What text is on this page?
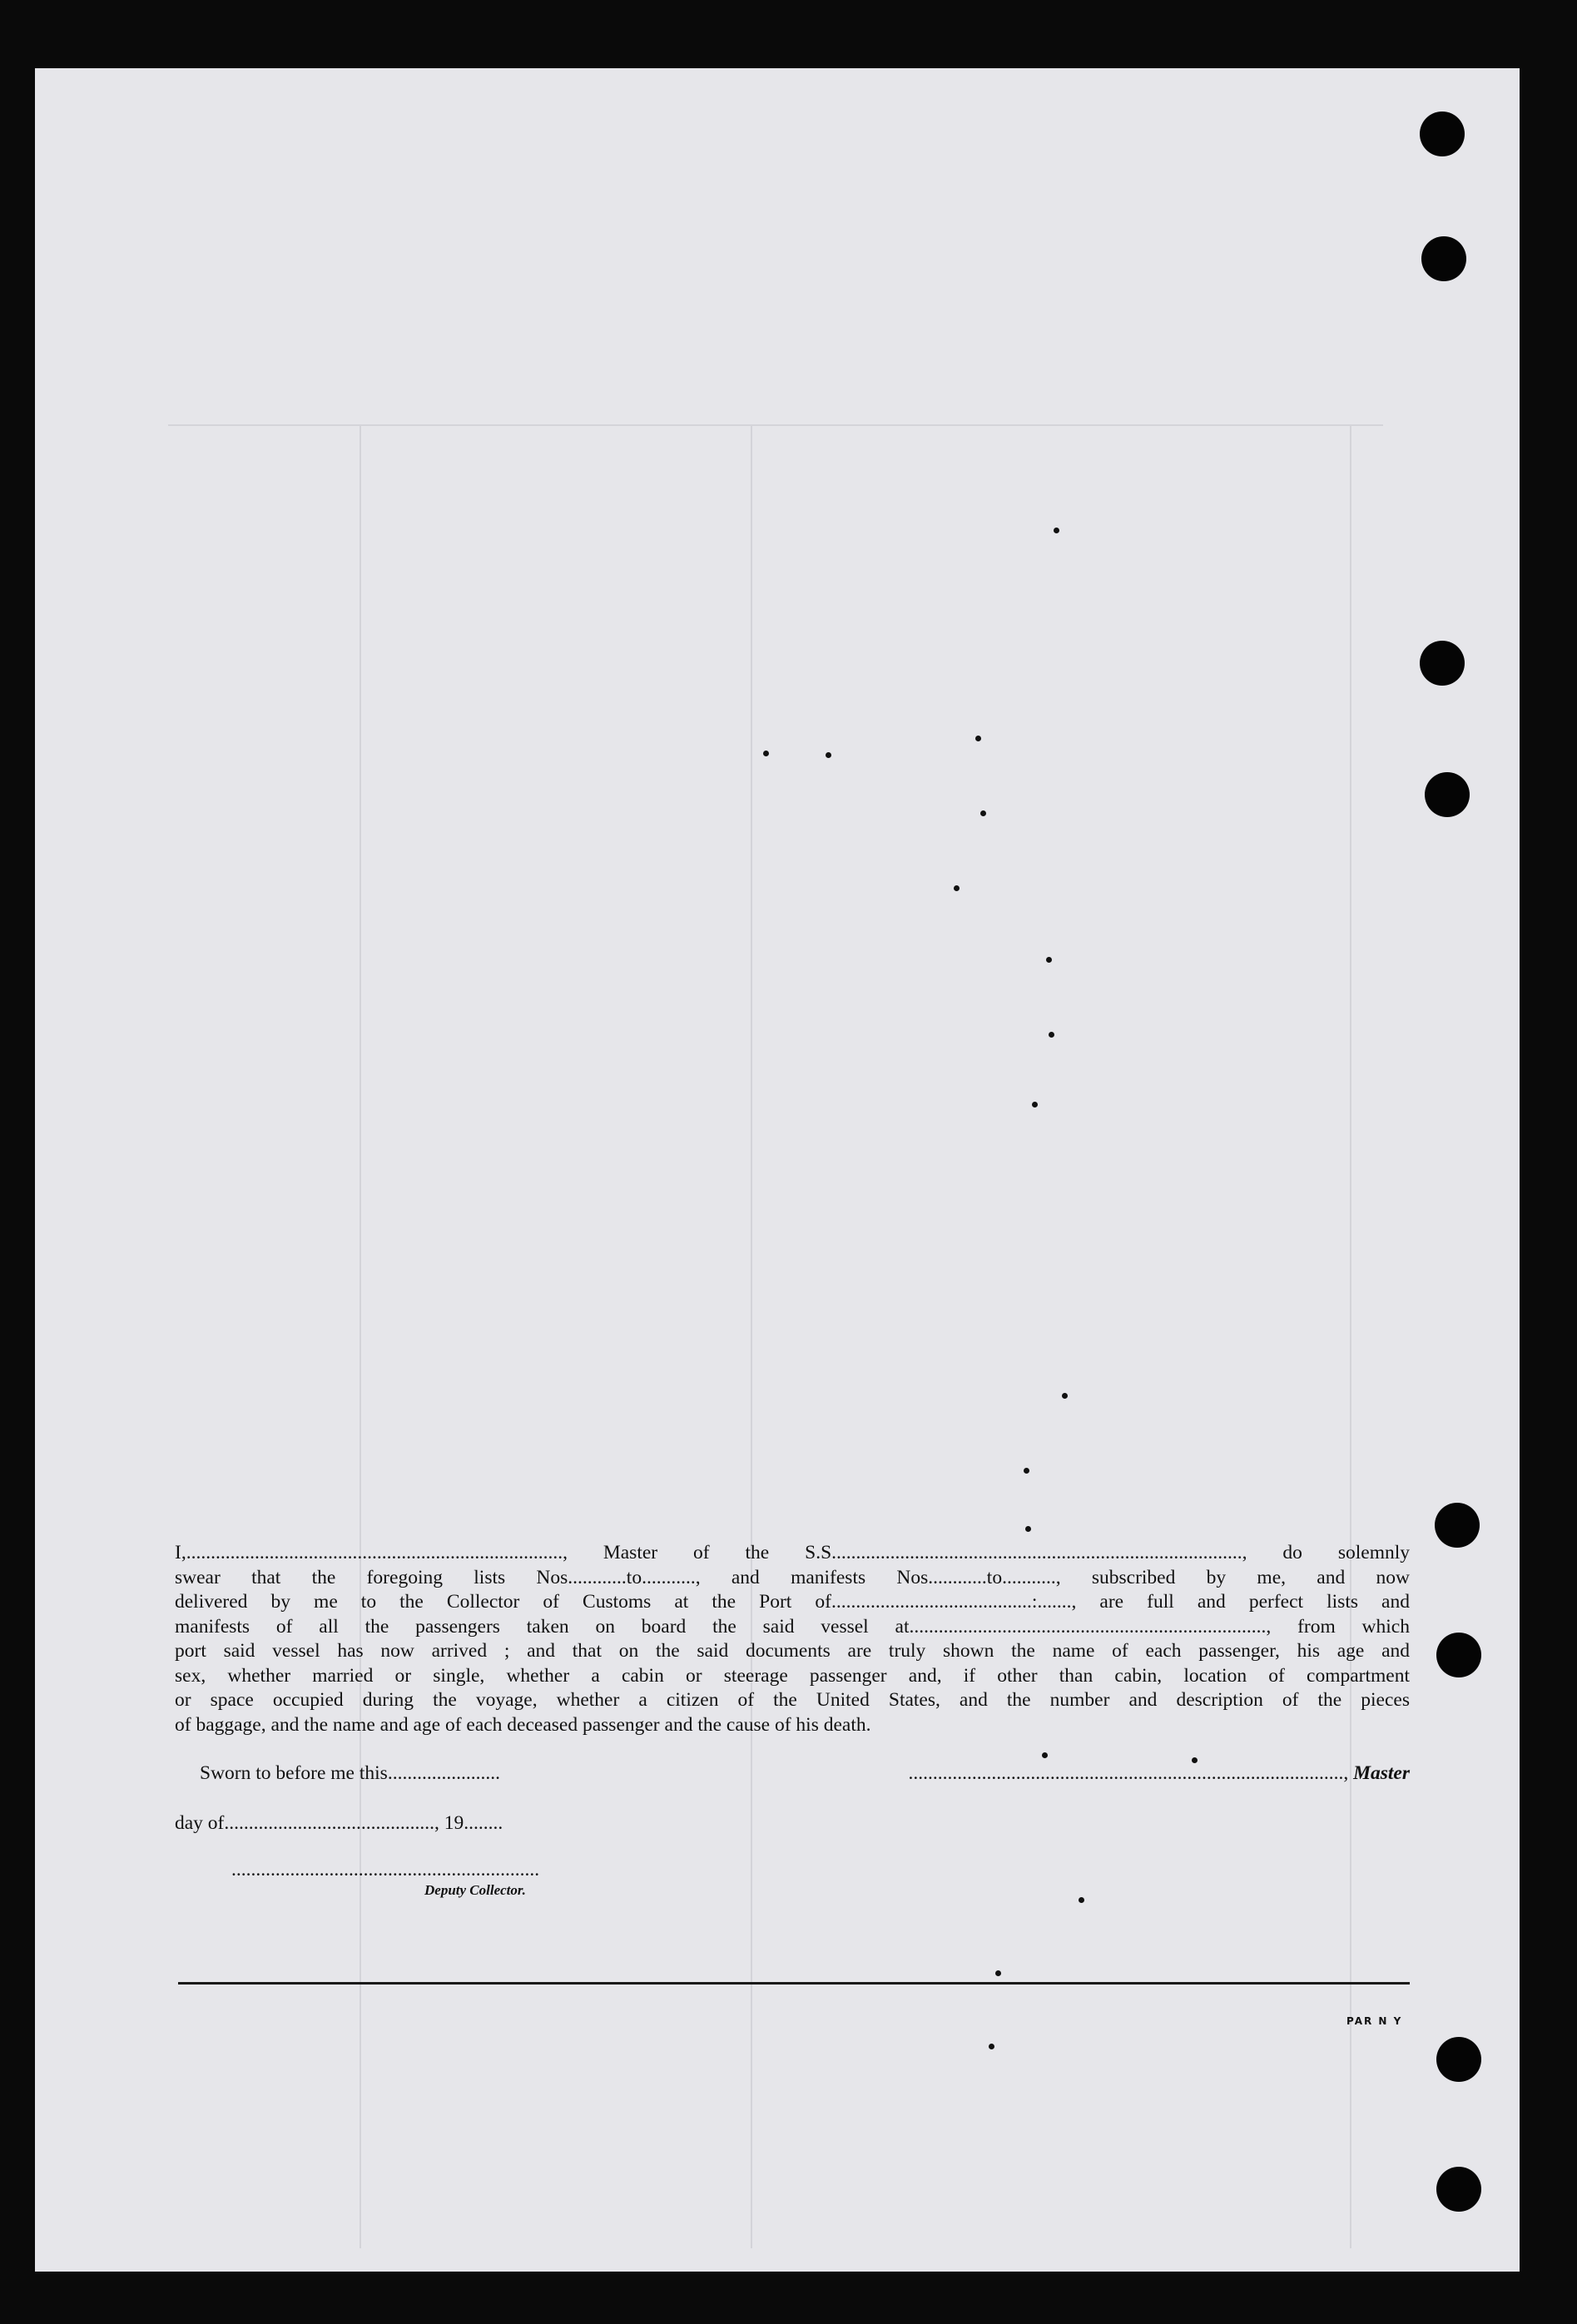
I,............................................................................., Master of the S.S...................................................................................., do solemnly
swear that the foregoing lists Nos............to..........., and manifests Nos............to..........., subscribed by me, and now
delivered by me to the Collector of Customs at the Port of.........................................:......., are full and perfect lists and
manifests of all the passengers taken on board the said vessel at........................................................................., from which
port said vessel has now arrived ; and that on the said documents are truly shown the name of each passenger, his age and
sex, whether married or single, whether a cabin or steerage passenger and, if other than cabin, location of compartment
or space occupied during the voyage, whether a citizen of the United States, and the number and description of the pieces
of baggage, and the name and age of each deceased passenger and the cause of his death.
Sworn to before me this.......................	........................................................................................., Master
day of..........................................., 19........
...............................................................
Deputy Collector.
PAR N Y
